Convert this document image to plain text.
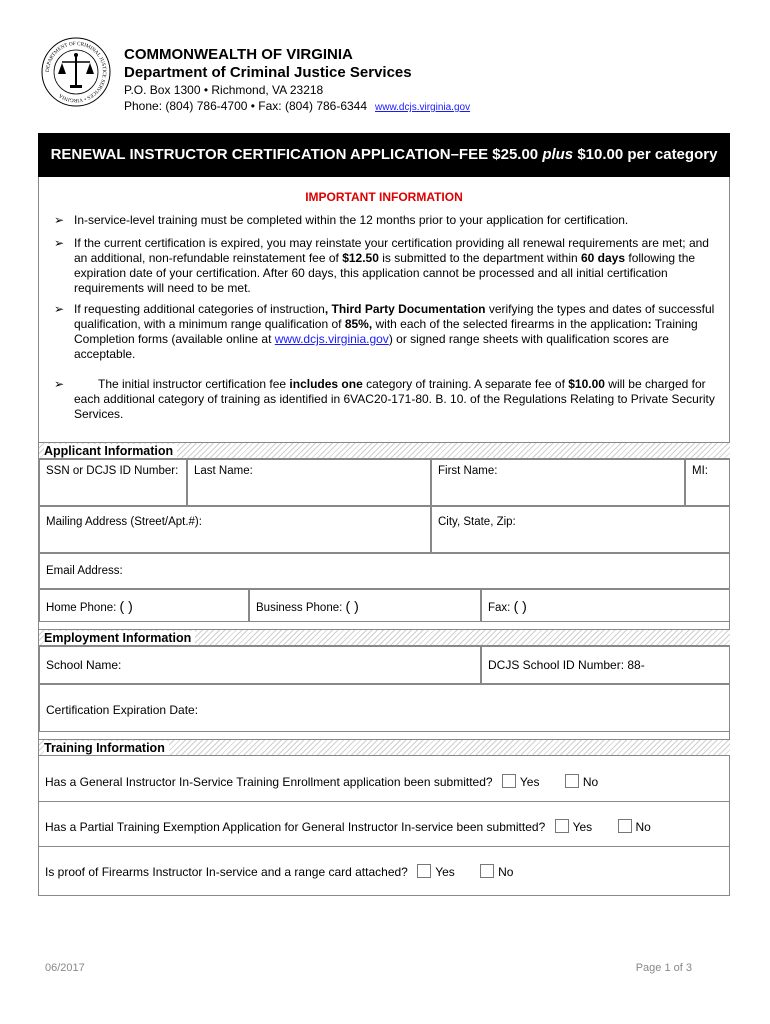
DEPARTMENT OF CRIMINAL JUSTICE SERVICES • VIRGINIA
COMMONWEALTH OF VIRGINIA
Department of Criminal Justice Services
P.O. Box 1300 • Richmond, VA 23218
Phone: (804) 786-4700 • Fax: (804) 786-6344 www.dcjs.virginia.gov
RENEWAL INSTRUCTOR CERTIFICATION APPLICATION–FEE $25.00 plus $10.00 per category
IMPORTANT INFORMATION
➢ In-service-level training must be completed within the 12 months prior to your application for certification.
➢ If the current certification is expired, you may reinstate your certification providing all renewal requirements are met; and an additional, non-refundable reinstatement fee of $12.50 is submitted to the department within 60 days following the expiration date of your certification. After 60 days, this application cannot be processed and all initial certification requirements will need to be met.
➢ If requesting additional categories of instruction, Third Party Documentation verifying the types and dates of successful qualification, with a minimum range qualification of 85%, with each of the selected firearms in the application: Training Completion forms (available online at www.dcjs.virginia.gov) or signed range sheets with qualification scores are acceptable.
➢	The initial instructor certification fee includes one category of training. A separate fee of $10.00 will be charged for each additional category of training as identified in 6VAC20-171-80. B. 10. of the Regulations Relating to Private Security Services.
Applicant Information
SSN or DCJS ID Number:	Last Name:	First Name:	MI:
Mailing Address (Street/Apt.#):	City, State, Zip:
Email Address:
Home Phone: ( )	Business Phone: ( )	Fax: ( )
Employment Information
School Name:	DCJS School ID Number: 88-
Certification Expiration Date:
Training Information
Has a General Instructor In-Service Training Enrollment application been submitted? Yes	No
Has a Partial Training Exemption Application for General Instructor In-service been submitted? Yes	No
Is proof of Firearms Instructor In-service and a range card attached? Yes	No
06/2017	Page 1 of 3
